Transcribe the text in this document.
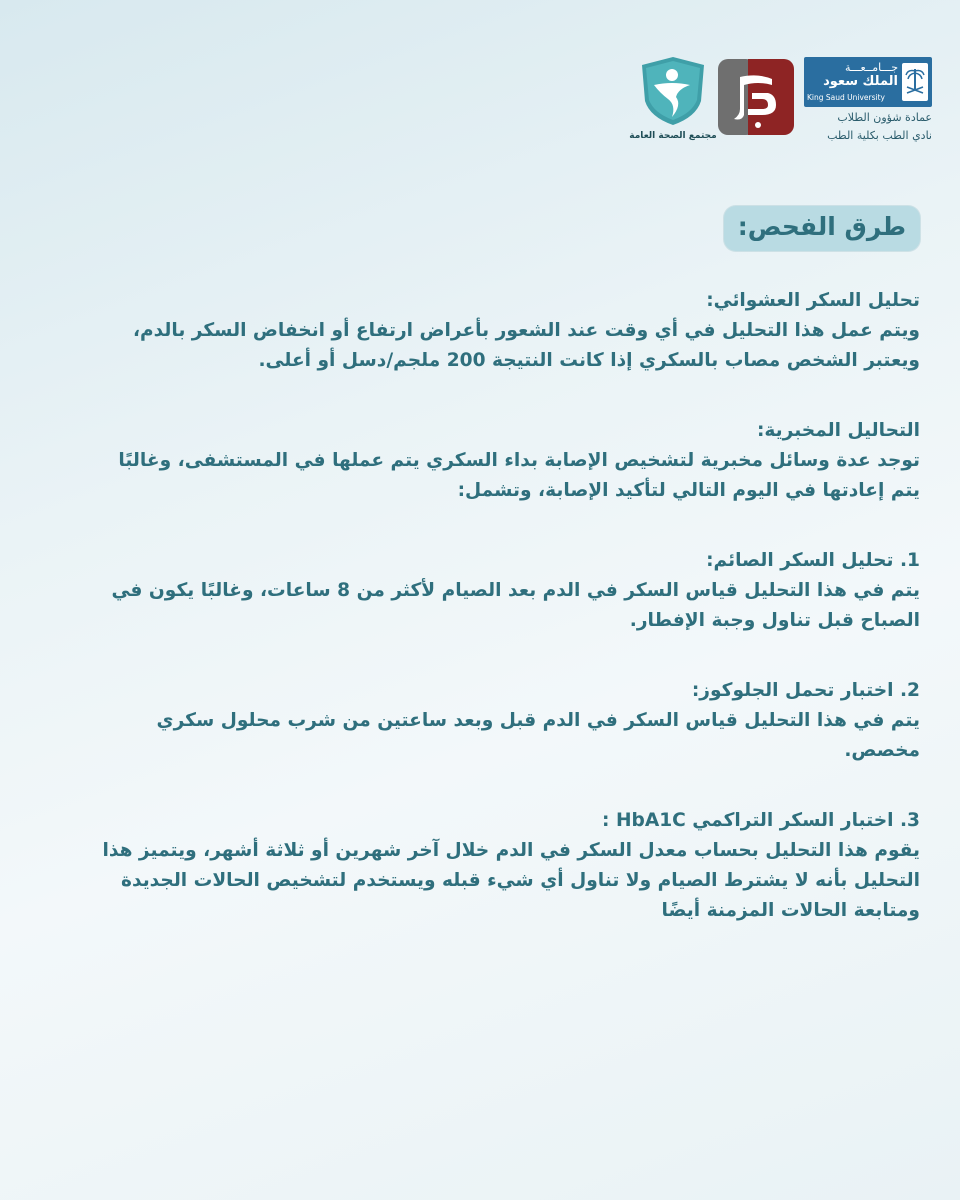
مجتمع الصحة العامة
جـــامــعـــة
الملك سعود
King Saud University
عمادة شؤون الطلاب
نادي الطب بكلية الطب
طرق الفحص:

تحليل السكر العشوائي:

ويتم عمل هذا التحليل في أي وقت عند الشعور بأعراض ارتفاع أو انخفاض السكر بالدم،

ويعتبر الشخص مصاب بالسكري إذا كانت النتيجة 200 ملجم/دسل أو أعلى.

التحاليل المخبرية:

توجد عدة وسائل مخبرية لتشخيص الإصابة بداء السكري يتم عملها في المستشفى، وغالبًا

يتم إعادتها في اليوم التالي لتأكيد الإصابة، وتشمل:

1. تحليل السكر الصائم:

يتم في هذا التحليل قياس السكر في الدم بعد الصيام لأكثر من 8 ساعات، وغالبًا يكون في

الصباح قبل تناول وجبة الإفطار.

2. اختبار تحمل الجلوكوز:

يتم في هذا التحليل قياس السكر في الدم قبل وبعد ساعتين من شرب محلول سكري

مخصص.

3. اختبار السكر التراكمي HbA1C :

يقوم هذا التحليل بحساب معدل السكر في الدم خلال آخر شهرين أو ثلاثة أشهر، ويتميز هذا

التحليل بأنه لا يشترط الصيام ولا تناول أي شيء قبله ويستخدم لتشخيص الحالات الجديدة

ومتابعة الحالات المزمنة أيضًا
